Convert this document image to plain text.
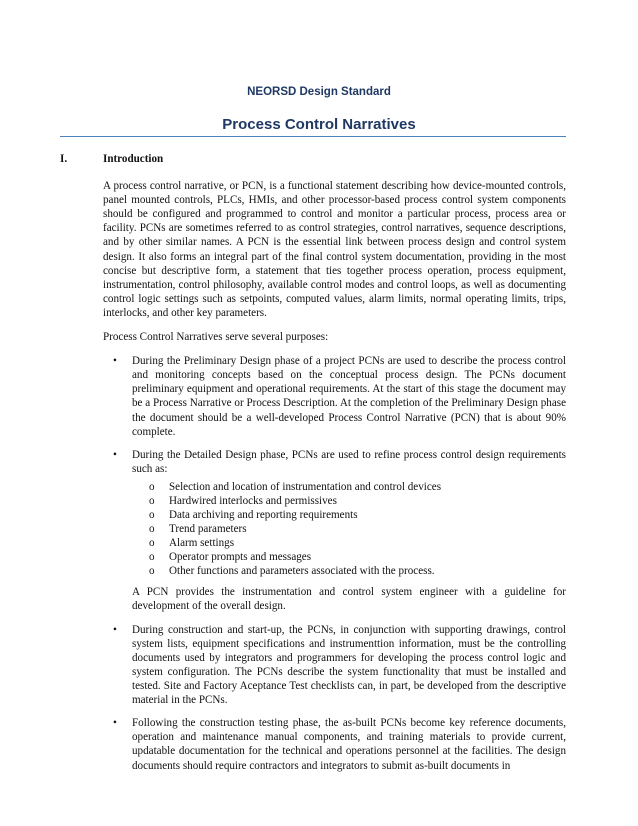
NEORSD Design Standard
Process Control Narratives
I.	Introduction

A process control narrative, or PCN, is a functional statement describing how device-mounted controls, panel mounted controls, PLCs, HMIs, and other processor-based process control system components should be configured and programmed to control and monitor a particular process, process area or facility. PCNs are sometimes referred to as control strategies, control narratives, sequence descriptions, and by other similar names. A PCN is the essential link between process design and control system design. It also forms an integral part of the final control system documentation, providing in the most concise but descriptive form, a statement that ties together process operation, process equipment, instrumentation, control philosophy, available control modes and control loops, as well as documenting control logic settings such as setpoints, computed values, alarm limits, normal operating limits, trips, interlocks, and other key parameters.

Process Control Narratives serve several purposes:

• During the Preliminary Design phase of a project PCNs are used to describe the process control and monitoring concepts based on the conceptual process design. The PCNs document preliminary equipment and operational requirements. At the start of this stage the document may be a Process Narrative or Process Description. At the completion of the Preliminary Design phase the document should be a well-developed Process Control Narrative (PCN) that is about 90% complete.
• During the Detailed Design phase, PCNs are used to refine process control design requirements such as:
o Selection and location of instrumentation and control devices
o Hardwired interlocks and permissives
o Data archiving and reporting requirements
o Trend parameters
o Alarm settings
o Operator prompts and messages
o Other functions and parameters associated with the process.

A PCN provides the instrumentation and control system engineer with a guideline for development of the overall design.

• During construction and start-up, the PCNs, in conjunction with supporting drawings, control system lists, equipment specifications and instrumenttion information, must be the controlling documents used by integrators and programmers for developing the process control logic and system configuration. The PCNs describe the system functionality that must be installed and tested. Site and Factory Aceptance Test checklists can, in part, be developed from the descriptive material in the PCNs.
• Following the construction testing phase, the as-built PCNs become key reference documents, operation and maintenance manual components, and training materials to provide current, updatable documentation for the technical and operations personnel at the facilities. The design documents should require contractors and integrators to submit as-built documents in
